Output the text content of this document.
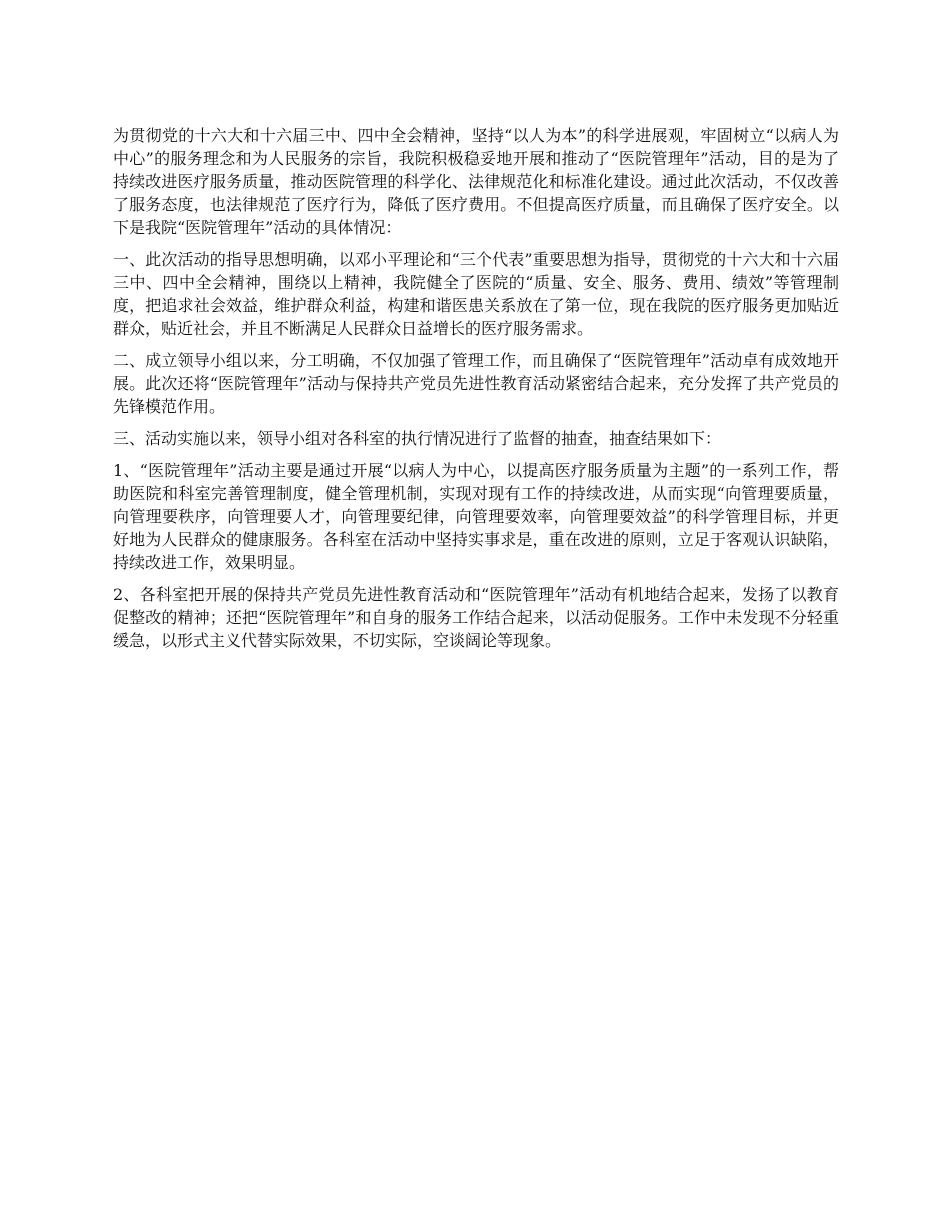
为贯彻党的十六大和十六届三中、四中全会精神，坚持“以人为本”的科学进展观，牢固树立“以病人为中心”的服务理念和为人民服务的宗旨，我院积极稳妥地开展和推动了“医院管理年”活动，目的是为了持续改进医疗服务质量，推动医院管理的科学化、法律规范化和标准化建设。通过此次活动，不仅改善了服务态度，也法律规范了医疗行为，降低了医疗费用。不但提高医疗质量，而且确保了医疗安全。以下是我院“医院管理年”活动的具体情况：

一、此次活动的指导思想明确，以邓小平理论和“三个代表”重要思想为指导，贯彻党的十六大和十六届三中、四中全会精神，围绕以上精神，我院健全了医院的“质量、安全、服务、费用、绩效”等管理制度，把追求社会效益，维护群众利益，构建和谐医患关系放在了第一位，现在我院的医疗服务更加贴近群众，贴近社会，并且不断满足人民群众日益增长的医疗服务需求。

二、成立领导小组以来，分工明确，不仅加强了管理工作，而且确保了“医院管理年”活动卓有成效地开展。此次还将“医院管理年”活动与保持共产党员先进性教育活动紧密结合起来，充分发挥了共产党员的先锋模范作用。

三、活动实施以来，领导小组对各科室的执行情况进行了监督的抽查，抽查结果如下：

1、“医院管理年”活动主要是通过开展“以病人为中心，以提高医疗服务质量为主题”的一系列工作，帮助医院和科室完善管理制度，健全管理机制，实现对现有工作的持续改进，从而实现“向管理要质量，向管理要秩序，向管理要人才，向管理要纪律，向管理要效率，向管理要效益”的科学管理目标，并更好地为人民群众的健康服务。各科室在活动中坚持实事求是，重在改进的原则，立足于客观认识缺陷，持续改进工作，效果明显。

2、各科室把开展的保持共产党员先进性教育活动和“医院管理年”活动有机地结合起来，发扬了以教育促整改的精神；还把“医院管理年”和自身的服务工作结合起来，以活动促服务。工作中未发现不分轻重缓急，以形式主义代替实际效果，不切实际，空谈阔论等现象。
